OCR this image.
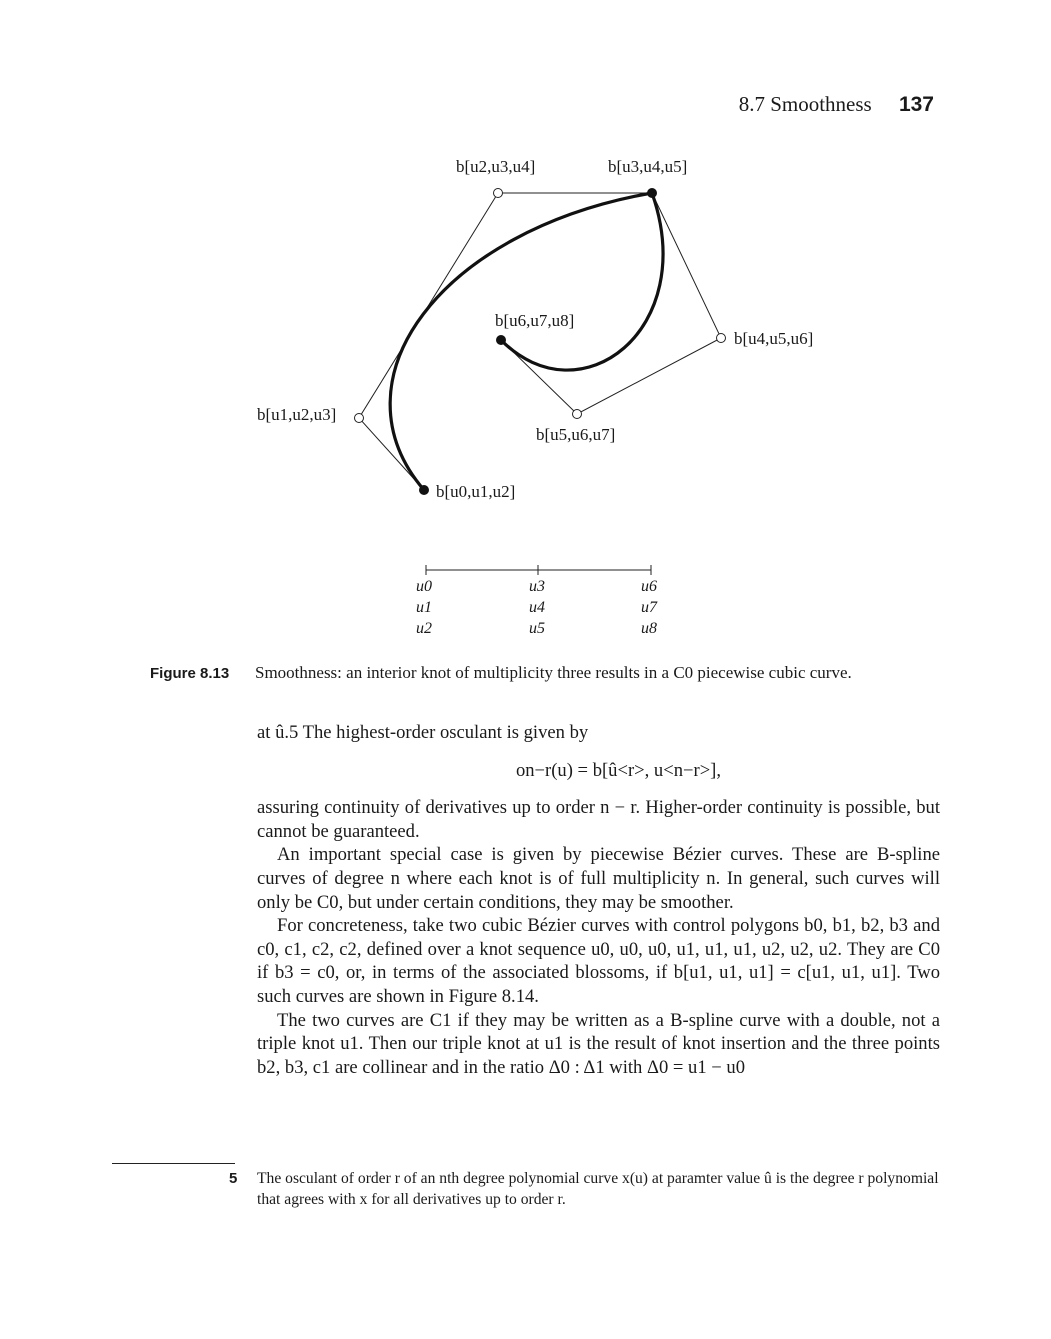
8.7 Smoothness 137
b[u2,u3,u4]	b[u3,u4,u5]
b[u6,u7,u8]
b[u4,u5,u6]
b[u1,u2,u3]
b[u5,u6,u7]
b[u0,u1,u2]
u0
u1
u2
u3
u4
u5
u6
u7
u8
Figure 8.13 Smoothness: an interior knot of multiplicity three results in a C0 piecewise cubic curve.

at û.5 The highest-order osculant is given by

on−r(u) = b[û<r>, u<n−r>],

assuring continuity of derivatives up to order n − r. Higher-order continuity is possible, but cannot be guaranteed.

An important special case is given by piecewise Bézier curves. These are B-spline curves of degree n where each knot is of full multiplicity n. In general, such curves will only be C0, but under certain conditions, they may be smoother.

For concreteness, take two cubic Bézier curves with control polygons b0, b1, b2, b3 and c0, c1, c2, c2, defined over a knot sequence u0, u0, u0, u1, u1, u1, u2, u2, u2. They are C0 if b3 = c0, or, in terms of the associated blossoms, if b[u1, u1, u1] = c[u1, u1, u1]. Two such curves are shown in Figure 8.14.

The two curves are C1 if they may be written as a B-spline curve with a double, not a triple knot u1. Then our triple knot at u1 is the result of knot insertion and the three points b2, b3, c1 are collinear and in the ratio Δ0 : Δ1 with Δ0 = u1 − u0

5 The osculant of order r of an nth degree polynomial curve x(u) at paramter value û is the degree r polynomial that agrees with x for all derivatives up to order r.
